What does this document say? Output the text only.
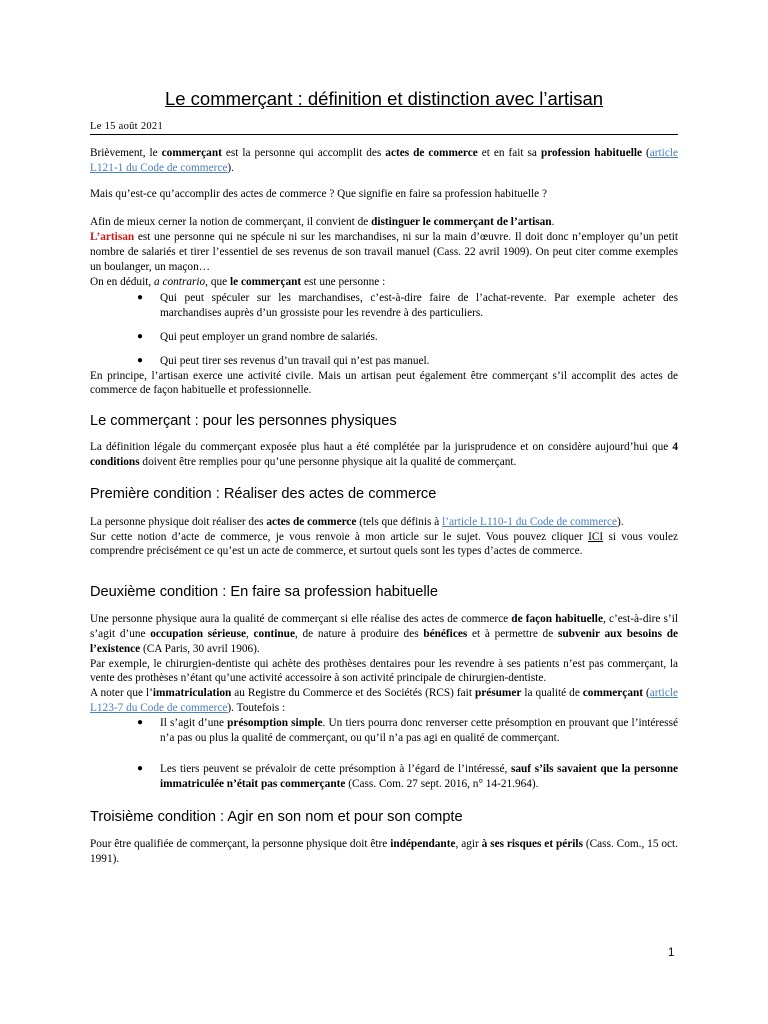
Le commerçant : définition et distinction avec l’artisan
Le 15 août 2021

Brièvement, le commerçant est la personne qui accomplit des actes de commerce et en fait sa profession habituelle (article L121-1 du Code de commerce).

Mais qu’est-ce qu’accomplir des actes de commerce ? Que signifie en faire sa profession habituelle ?

Afin de mieux cerner la notion de commerçant, il convient de distinguer le commerçant de l’artisan.

L’artisan est une personne qui ne spécule ni sur les marchandises, ni sur la main d’œuvre. Il doit donc n’employer qu’un petit nombre de salariés et tirer l’essentiel de ses revenus de son travail manuel (Cass. 22 avril 1909). On peut citer comme exemples un boulanger, un maçon…

On en déduit, a contrario, que le commerçant est une personne :

● Qui peut spéculer sur les marchandises, c’est-à-dire faire de l’achat-revente. Par exemple acheter des marchandises auprès d’un grossiste pour les revendre à des particuliers.
● Qui peut employer un grand nombre de salariés.
● Qui peut tirer ses revenus d’un travail qui n’est pas manuel.

En principe, l’artisan exerce une activité civile. Mais un artisan peut également être commerçant s’il accomplit des actes de commerce de façon habituelle et professionnelle.

Le commerçant : pour les personnes physiques

La définition légale du commerçant exposée plus haut a été complétée par la jurisprudence et on considère aujourd’hui que 4 conditions doivent être remplies pour qu’une personne physique ait la qualité de commerçant.

Première condition : Réaliser des actes de commerce

La personne physique doit réaliser des actes de commerce (tels que définis à l’article L110-1 du Code de commerce).

Sur cette notion d’acte de commerce, je vous renvoie à mon article sur le sujet. Vous pouvez cliquer ICI si vous voulez comprendre précisément ce qu’est un acte de commerce, et surtout quels sont les types d’actes de commerce.

Deuxième condition : En faire sa profession habituelle

Une personne physique aura la qualité de commerçant si elle réalise des actes de commerce de façon habituelle, c’est-à-dire s’il s’agit d’une occupation sérieuse, continue, de nature à produire des bénéfices et à permettre de subvenir aux besoins de l’existence (CA Paris, 30 avril 1906).

Par exemple, le chirurgien-dentiste qui achète des prothèses dentaires pour les revendre à ses patients n’est pas commerçant, la vente des prothèses n’étant qu’une activité accessoire à son activité principale de chirurgien-dentiste.

A noter que l’immatriculation au Registre du Commerce et des Sociétés (RCS) fait présumer la qualité de commerçant (article L123-7 du Code de commerce). Toutefois :

● Il s’agit d’une présomption simple. Un tiers pourra donc renverser cette présomption en prouvant que l’intéressé n’a pas ou plus la qualité de commerçant, ou qu’il n’a pas agi en qualité de commerçant.
● Les tiers peuvent se prévaloir de cette présomption à l’égard de l’intéressé, sauf s’ils savaient que la personne immatriculée n’était pas commerçante (Cass. Com. 27 sept. 2016, n° 14-21.964).
Troisième condition : Agir en son nom et pour son compte

Pour être qualifiée de commerçant, la personne physique doit être indépendante, agir à ses risques et périls (Cass. Com., 15 oct. 1991).

1
